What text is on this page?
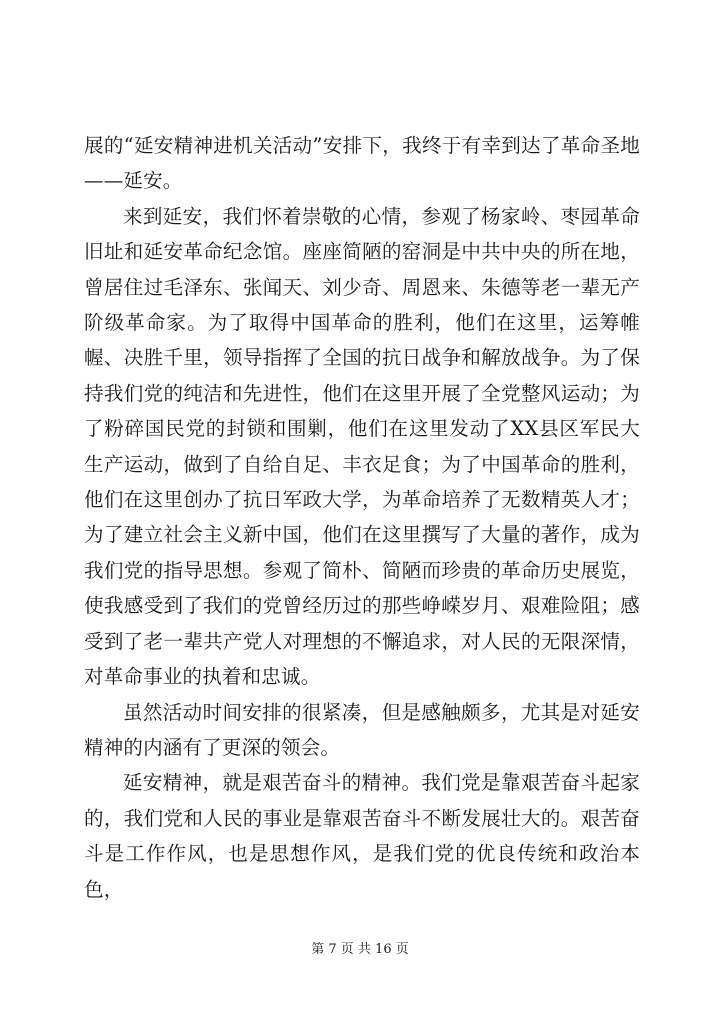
展的“延安精神进机关活动”安排下，我终于有幸到达了革命圣地——延安。

来到延安，我们怀着崇敬的心情，参观了杨家岭、枣园革命旧址和延安革命纪念馆。座座简陋的窑洞是中共中央的所在地，曾居住过毛泽东、张闻天、刘少奇、周恩来、朱德等老一辈无产阶级革命家。为了取得中国革命的胜利，他们在这里，运筹帷幄、决胜千里，领导指挥了全国的抗日战争和解放战争。为了保持我们党的纯洁和先进性，他们在这里开展了全党整风运动；为了粉碎国民党的封锁和围剿，他们在这里发动了XX县区军民大生产运动，做到了自给自足、丰衣足食；为了中国革命的胜利，他们在这里创办了抗日军政大学，为革命培养了无数精英人才；为了建立社会主义新中国，他们在这里撰写了大量的著作，成为我们党的指导思想。参观了简朴、简陋而珍贵的革命历史展览，使我感受到了我们的党曾经历过的那些峥嵘岁月、艰难险阻；感受到了老一辈共产党人对理想的不懈追求，对人民的无限深情，对革命事业的执着和忠诚。

虽然活动时间安排的很紧凑，但是感触颇多，尤其是对延安精神的内涵有了更深的领会。

延安精神，就是艰苦奋斗的精神。我们党是靠艰苦奋斗起家的，我们党和人民的事业是靠艰苦奋斗不断发展壮大的。艰苦奋斗是工作作风，也是思想作风，是我们党的优良传统和政治本色，

第 7 页 共 16 页
